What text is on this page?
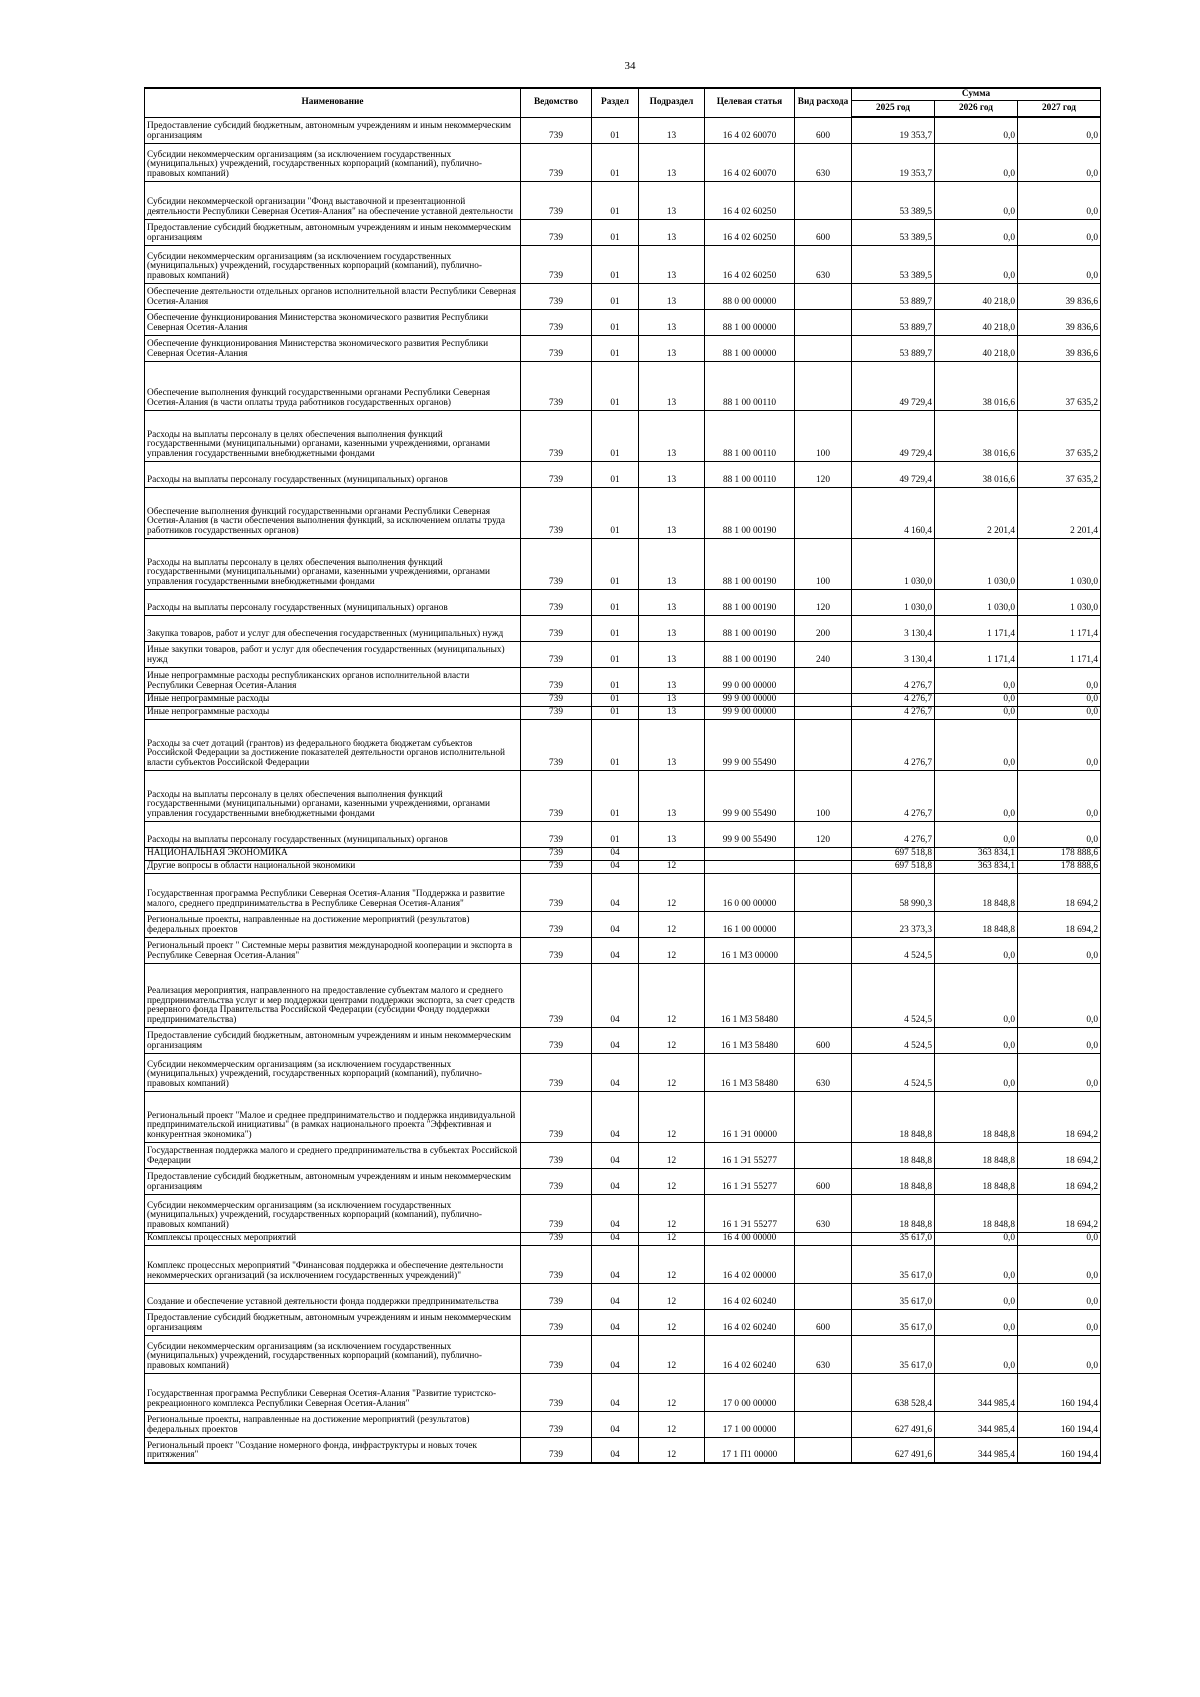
34
Наименование	Ведомство	Раздел	Подраздел	Целевая статья	Вид расхода	Сумма		
						2025 год	2026 год	2027 год
Предоставление субсидий бюджетным, автономным учреждениям и иным некоммерческим организациям	739	01	13	16 4 02 60070	600	19 353,7	0,0	0,0
Субсидии некоммерческим организациям (за исключением государственных (муниципальных) учреждений, государственных корпораций (компаний), публично-правовых компаний)	739	01	13	16 4 02 60070	630	19 353,7	0,0	0,0
Субсидии некоммерческой организации "Фонд выставочной и презентационной деятельности Республики Северная Осетия-Алания" на обеспечение уставной деятельности	739	01	13	16 4 02 60250		53 389,5	0,0	0,0
Предоставление субсидий бюджетным, автономным учреждениям и иным некоммерческим организациям	739	01	13	16 4 02 60250	600	53 389,5	0,0	0,0
Субсидии некоммерческим организациям (за исключением государственных (муниципальных) учреждений, государственных корпораций (компаний), публично-правовых компаний)	739	01	13	16 4 02 60250	630	53 389,5	0,0	0,0
Обеспечение деятельности отдельных органов исполнительной власти Республики Северная Осетия-Алания	739	01	13	88 0 00 00000		53 889,7	40 218,0	39 836,6
Обеспечение функционирования Министерства экономического развития Республики Северная Осетия-Алания	739	01	13	88 1 00 00000		53 889,7	40 218,0	39 836,6
Обеспечение функционирования Министерства экономического развития Республики Северная Осетия-Алания	739	01	13	88 1 00 00000		53 889,7	40 218,0	39 836,6
Обеспечение выполнения функций государственными органами Республики Северная Осетия-Алания (в части оплаты труда работников государственных органов)	739	01	13	88 1 00 00110		49 729,4	38 016,6	37 635,2
Расходы на выплаты персоналу в целях обеспечения выполнения функций государственными (муниципальными) органами, казенными учреждениями, органами управления государственными внебюджетными фондами	739	01	13	88 1 00 00110	100	49 729,4	38 016,6	37 635,2
Расходы на выплаты персоналу государственных (муниципальных) органов	739	01	13	88 1 00 00110	120	49 729,4	38 016,6	37 635,2
Обеспечение выполнения функций государственными органами Республики Северная Осетия-Алания (в части обеспечения выполнения функций, за исключением оплаты труда работников государственных органов)	739	01	13	88 1 00 00190		4 160,4	2 201,4	2 201,4
Расходы на выплаты персоналу в целях обеспечения выполнения функций государственными (муниципальными) органами, казенными учреждениями, органами управления государственными внебюджетными фондами	739	01	13	88 1 00 00190	100	1 030,0	1 030,0	1 030,0
Расходы на выплаты персоналу государственных (муниципальных) органов	739	01	13	88 1 00 00190	120	1 030,0	1 030,0	1 030,0
Закупка товаров, работ и услуг для обеспечения государственных (муниципальных) нужд	739	01	13	88 1 00 00190	200	3 130,4	1 171,4	1 171,4
Иные закупки товаров, работ и услуг для обеспечения государственных (муниципальных) нужд	739	01	13	88 1 00 00190	240	3 130,4	1 171,4	1 171,4
Иные непрограммные расходы республиканских органов исполнительной власти Республики Северная Осетия-Алания	739	01	13	99 0 00 00000		4 276,7	0,0	0,0
Иные непрограммные расходы	739	01	13	99 9 00 00000		4 276,7	0,0	0,0
Иные непрограммные расходы	739	01	13	99 9 00 00000		4 276,7	0,0	0,0
Расходы за счет дотаций (грантов) из федерального бюджета бюджетам субъектов Российской Федерации за достижение показателей деятельности органов исполнительной власти субъектов Российской Федерации	739	01	13	99 9 00 55490		4 276,7	0,0	0,0
Расходы на выплаты персоналу в целях обеспечения выполнения функций государственными (муниципальными) органами, казенными учреждениями, органами управления государственными внебюджетными фондами	739	01	13	99 9 00 55490	100	4 276,7	0,0	0,0
Расходы на выплаты персоналу государственных (муниципальных) органов	739	01	13	99 9 00 55490	120	4 276,7	0,0	0,0
НАЦИОНАЛЬНАЯ ЭКОНОМИКА	739	04				697 518,8	363 834,1	178 888,6
Другие вопросы в области национальной экономики	739	04	12			697 518,8	363 834,1	178 888,6
Государственная программа Республики Северная Осетия-Алания "Поддержка и развитие малого, среднего предпринимательства в Республике Северная Осетия-Алания"	739	04	12	16 0 00 00000		58 990,3	18 848,8	18 694,2
Региональные проекты, направленные на достижение мероприятий (результатов) федеральных проектов	739	04	12	16 1 00 00000		23 373,3	18 848,8	18 694,2
Региональный проект " Системные меры развития международной кооперации и экспорта в Республике Северная Осетия-Алания"	739	04	12	16 1 М3 00000		4 524,5	0,0	0,0
Реализация мероприятия, направленного на предоставление субъектам малого и среднего предпринимательства услуг и мер поддержки центрами поддержки экспорта, за счет средств резервного фонда Правительства Российской Федерации (субсидии Фонду поддержки предпринимательства)	739	04	12	16 1 М3 58480		4 524,5	0,0	0,0
Предоставление субсидий бюджетным, автономным учреждениям и иным некоммерческим организациям	739	04	12	16 1 М3 58480	600	4 524,5	0,0	0,0
Субсидии некоммерческим организациям (за исключением государственных (муниципальных) учреждений, государственных корпораций (компаний), публично-правовых компаний)	739	04	12	16 1 М3 58480	630	4 524,5	0,0	0,0
Региональный проект "Малое и среднее предпринимательство и поддержка индивидуальной предпринимательской инициативы" (в рамках национального проекта "Эффективная и конкурентная экономика")	739	04	12	16 1 Э1 00000		18 848,8	18 848,8	18 694,2
Государственная поддержка малого и среднего предпринимательства в субъектах Российской Федерации	739	04	12	16 1 Э1 55277		18 848,8	18 848,8	18 694,2
Предоставление субсидий бюджетным, автономным учреждениям и иным некоммерческим организациям	739	04	12	16 1 Э1 55277	600	18 848,8	18 848,8	18 694,2
Субсидии некоммерческим организациям (за исключением государственных (муниципальных) учреждений, государственных корпораций (компаний), публично-правовых компаний)	739	04	12	16 1 Э1 55277	630	18 848,8	18 848,8	18 694,2
Комплексы процессных мероприятий	739	04	12	16 4 00 00000		35 617,0	0,0	0,0
Комплекс процессных мероприятий "Финансовая поддержка и обеспечение деятельности некоммерческих организаций (за исключением государственных учреждений)"	739	04	12	16 4 02 00000		35 617,0	0,0	0,0
Создание и обеспечение уставной деятельности фонда поддержки предпринимательства	739	04	12	16 4 02 60240		35 617,0	0,0	0,0
Предоставление субсидий бюджетным, автономным учреждениям и иным некоммерческим организациям	739	04	12	16 4 02 60240	600	35 617,0	0,0	0,0
Субсидии некоммерческим организациям (за исключением государственных (муниципальных) учреждений, государственных корпораций (компаний), публично-правовых компаний)	739	04	12	16 4 02 60240	630	35 617,0	0,0	0,0
Государственная программа Республики Северная Осетия-Алания "Развитие туристско-рекреационного комплекса Республики Северная Осетия-Алания"	739	04	12	17 0 00 00000		638 528,4	344 985,4	160 194,4
Региональные проекты, направленные на достижение мероприятий (результатов) федеральных проектов	739	04	12	17 1 00 00000		627 491,6	344 985,4	160 194,4
Региональный проект "Создание номерного фонда, инфраструктуры и новых точек притяжения"	739	04	12	17 1 П1 00000		627 491,6	344 985,4	160 194,4
